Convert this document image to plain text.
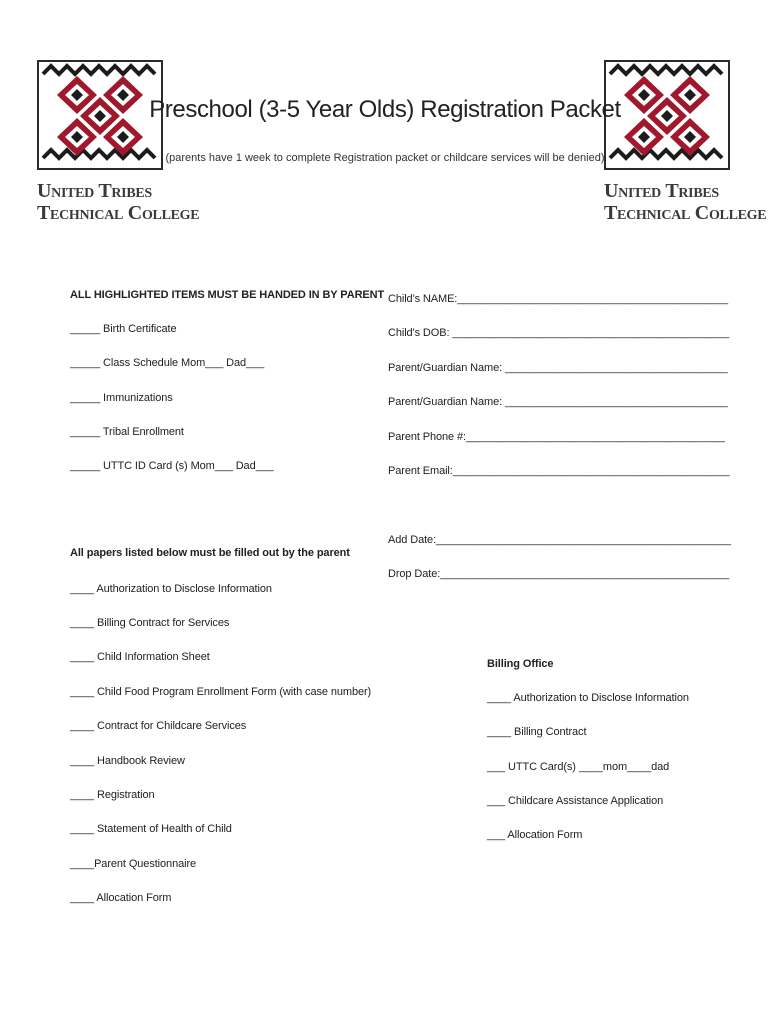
United Tribes
Technical College
United Tribes
Technical College
Preschool (3-5 Year Olds) Registration Packet
(parents have 1 week to complete Registration packet or childcare services will be denied)
ALL HIGHLIGHTED ITEMS MUST BE HANDED IN BY PARENT
_____ Birth Certificate
_____ Class Schedule Mom___ Dad___
_____ Immunizations
_____ Tribal Enrollment
_____ UTTC ID Card (s) Mom___ Dad___
Child's NAME:_____________________________________________
Child's DOB: ______________________________________________
Parent/Guardian Name: _____________________________________
Parent/Guardian Name: _____________________________________
Parent Phone #:___________________________________________
Parent Email:______________________________________________
Add Date:_________________________________________________
Drop Date:________________________________________________
All papers listed below must be filled out by the parent
____ Authorization to Disclose Information
____ Billing Contract for Services
____ Child Information Sheet
____ Child Food Program Enrollment Form (with case number)
____ Contract for Childcare Services
____ Handbook Review
____ Registration
____ Statement of Health of Child
____Parent Questionnaire
____ Allocation Form
Billing Office
____ Authorization to Disclose Information
____ Billing Contract
___ UTTC Card(s) ____mom____dad
___ Childcare Assistance Application
___ Allocation Form
